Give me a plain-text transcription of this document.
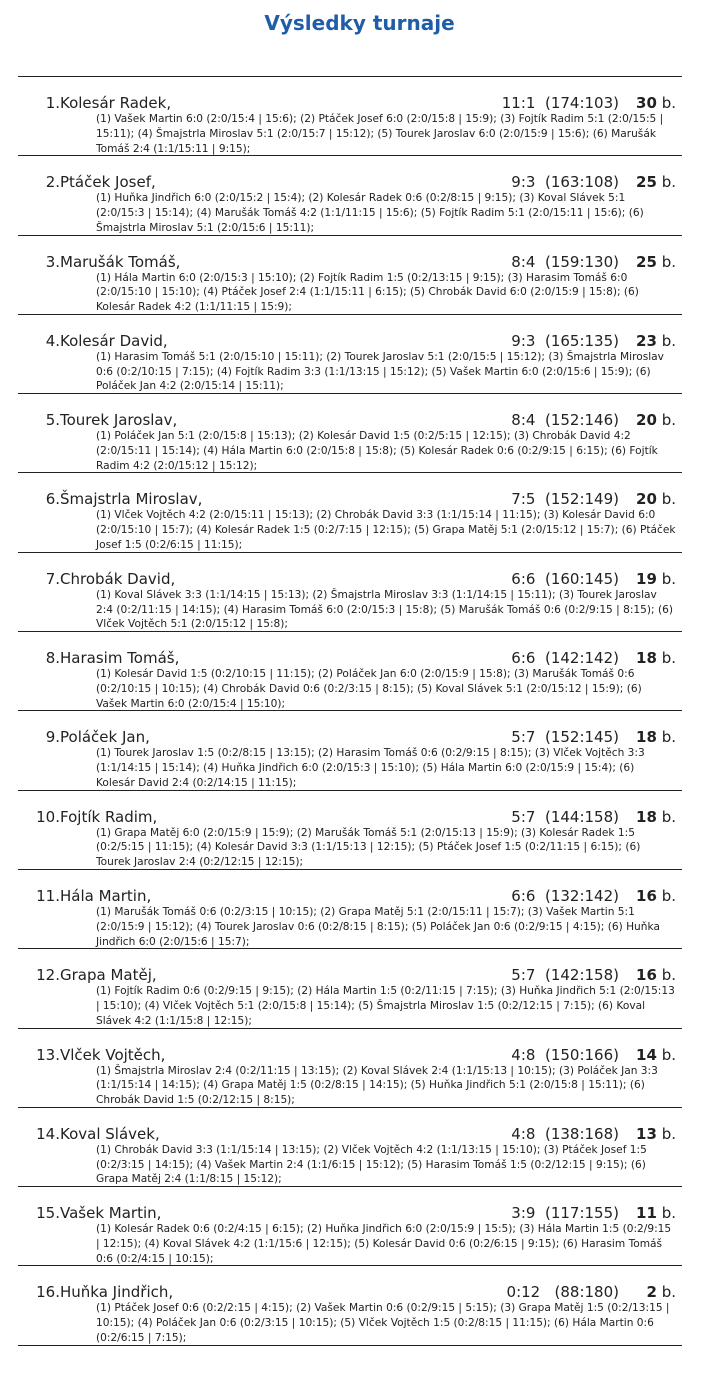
Výsledky turnaje
1. Kolesár Radek,	11:1  (174:103) 30 b.
(1) Vašek Martin 6:0 (2:0/15:4 | 15:6); (2) Ptáček Josef 6:0 (2:0/15:8 | 15:9); (3) Fojtík Radim 5:1 (2:0/15:5 | 15:11); (4) Šmajstrla Miroslav 5:1 (2:0/15:7 | 15:12); (5) Tourek Jaroslav 6:0 (2:0/15:9 | 15:6); (6) Marušák Tomáš 2:4 (1:1/15:11 | 9:15);
2. Ptáček Josef,	9:3  (163:108) 25 b.
(1) Huňka Jindřich 6:0 (2:0/15:2 | 15:4); (2) Kolesár Radek 0:6 (0:2/8:15 | 9:15); (3) Koval Slávek 5:1 (2:0/15:3 | 15:14); (4) Marušák Tomáš 4:2 (1:1/11:15 | 15:6); (5) Fojtík Radim 5:1 (2:0/15:11 | 15:6); (6) Šmajstrla Miroslav 5:1 (2:0/15:6 | 15:11);
3. Marušák Tomáš,	8:4  (159:130) 25 b.
(1) Hála Martin 6:0 (2:0/15:3 | 15:10); (2) Fojtík Radim 1:5 (0:2/13:15 | 9:15); (3) Harasim Tomáš 6:0 (2:0/15:10 | 15:10); (4) Ptáček Josef 2:4 (1:1/15:11 | 6:15); (5) Chrobák David 6:0 (2:0/15:9 | 15:8); (6) Kolesár Radek 4:2 (1:1/11:15 | 15:9);
4. Kolesár David,	9:3  (165:135) 23 b.
(1) Harasim Tomáš 5:1 (2:0/15:10 | 15:11); (2) Tourek Jaroslav 5:1 (2:0/15:5 | 15:12); (3) Šmajstrla Miroslav 0:6 (0:2/10:15 | 7:15); (4) Fojtík Radim 3:3 (1:1/13:15 | 15:12); (5) Vašek Martin 6:0 (2:0/15:6 | 15:9); (6) Poláček Jan 4:2 (2:0/15:14 | 15:11);
5. Tourek Jaroslav,	8:4  (152:146) 20 b.
(1) Poláček Jan 5:1 (2:0/15:8 | 15:13); (2) Kolesár David 1:5 (0:2/5:15 | 12:15); (3) Chrobák David 4:2 (2:0/15:11 | 15:14); (4) Hála Martin 6:0 (2:0/15:8 | 15:8); (5) Kolesár Radek 0:6 (0:2/9:15 | 6:15); (6) Fojtík Radim 4:2 (2:0/15:12 | 15:12);
6. Šmajstrla Miroslav,	7:5  (152:149) 20 b.
(1) Vlček Vojtěch 4:2 (2:0/15:11 | 15:13); (2) Chrobák David 3:3 (1:1/15:14 | 11:15); (3) Kolesár David 6:0 (2:0/15:10 | 15:7); (4) Kolesár Radek 1:5 (0:2/7:15 | 12:15); (5) Grapa Matěj 5:1 (2:0/15:12 | 15:7); (6) Ptáček Josef 1:5 (0:2/6:15 | 11:15);
7. Chrobák David,	6:6  (160:145) 19 b.
(1) Koval Slávek 3:3 (1:1/14:15 | 15:13); (2) Šmajstrla Miroslav 3:3 (1:1/14:15 | 15:11); (3) Tourek Jaroslav 2:4 (0:2/11:15 | 14:15); (4) Harasim Tomáš 6:0 (2:0/15:3 | 15:8); (5) Marušák Tomáš 0:6 (0:2/9:15 | 8:15); (6) Vlček Vojtěch 5:1 (2:0/15:12 | 15:8);
8. Harasim Tomáš,	6:6  (142:142) 18 b.
(1) Kolesár David 1:5 (0:2/10:15 | 11:15); (2) Poláček Jan 6:0 (2:0/15:9 | 15:8); (3) Marušák Tomáš 0:6 (0:2/10:15 | 10:15); (4) Chrobák David 0:6 (0:2/3:15 | 8:15); (5) Koval Slávek 5:1 (2:0/15:12 | 15:9); (6) Vašek Martin 6:0 (2:0/15:4 | 15:10);
9. Poláček Jan,	5:7  (152:145) 18 b.
(1) Tourek Jaroslav 1:5 (0:2/8:15 | 13:15); (2) Harasim Tomáš 0:6 (0:2/9:15 | 8:15); (3) Vlček Vojtěch 3:3 (1:1/14:15 | 15:14); (4) Huňka Jindřich 6:0 (2:0/15:3 | 15:10); (5) Hála Martin 6:0 (2:0/15:9 | 15:4); (6) Kolesár David 2:4 (0:2/14:15 | 11:15);
10. Fojtík Radim,	5:7  (144:158) 18 b.
(1) Grapa Matěj 6:0 (2:0/15:9 | 15:9); (2) Marušák Tomáš 5:1 (2:0/15:13 | 15:9); (3) Kolesár Radek 1:5 (0:2/5:15 | 11:15); (4) Kolesár David 3:3 (1:1/15:13 | 12:15); (5) Ptáček Josef 1:5 (0:2/11:15 | 6:15); (6) Tourek Jaroslav 2:4 (0:2/12:15 | 12:15);
11. Hála Martin,	6:6  (132:142) 16 b.
(1) Marušák Tomáš 0:6 (0:2/3:15 | 10:15); (2) Grapa Matěj 5:1 (2:0/15:11 | 15:7); (3) Vašek Martin 5:1 (2:0/15:9 | 15:12); (4) Tourek Jaroslav 0:6 (0:2/8:15 | 8:15); (5) Poláček Jan 0:6 (0:2/9:15 | 4:15); (6) Huňka Jindřich 6:0 (2:0/15:6 | 15:7);
12. Grapa Matěj,	5:7  (142:158) 16 b.
(1) Fojtík Radim 0:6 (0:2/9:15 | 9:15); (2) Hála Martin 1:5 (0:2/11:15 | 7:15); (3) Huňka Jindřich 5:1 (2:0/15:13 | 15:10); (4) Vlček Vojtěch 5:1 (2:0/15:8 | 15:14); (5) Šmajstrla Miroslav 1:5 (0:2/12:15 | 7:15); (6) Koval Slávek 4:2 (1:1/15:8 | 12:15);
13. Vlček Vojtěch,	4:8  (150:166) 14 b.
(1) Šmajstrla Miroslav 2:4 (0:2/11:15 | 13:15); (2) Koval Slávek 2:4 (1:1/15:13 | 10:15); (3) Poláček Jan 3:3 (1:1/15:14 | 14:15); (4) Grapa Matěj 1:5 (0:2/8:15 | 14:15); (5) Huňka Jindřich 5:1 (2:0/15:8 | 15:11); (6) Chrobák David 1:5 (0:2/12:15 | 8:15);
14. Koval Slávek,	4:8  (138:168) 13 b.
(1) Chrobák David 3:3 (1:1/15:14 | 13:15); (2) Vlček Vojtěch 4:2 (1:1/13:15 | 15:10); (3) Ptáček Josef 1:5 (0:2/3:15 | 14:15); (4) Vašek Martin 2:4 (1:1/6:15 | 15:12); (5) Harasim Tomáš 1:5 (0:2/12:15 | 9:15); (6) Grapa Matěj 2:4 (1:1/8:15 | 15:12);
15. Vašek Martin,	3:9  (117:155) 11 b.
(1) Kolesár Radek 0:6 (0:2/4:15 | 6:15); (2) Huňka Jindřich 6:0 (2:0/15:9 | 15:5); (3) Hála Martin 1:5 (0:2/9:15 | 12:15); (4) Koval Slávek 4:2 (1:1/15:6 | 12:15); (5) Kolesár David 0:6 (0:2/6:15 | 9:15); (6) Harasim Tomáš 0:6 (0:2/4:15 | 10:15);
16. Huňka Jindřich,	0:12   (88:180) 2 b.
(1) Ptáček Josef 0:6 (0:2/2:15 | 4:15); (2) Vašek Martin 0:6 (0:2/9:15 | 5:15); (3) Grapa Matěj 1:5 (0:2/13:15 | 10:15); (4) Poláček Jan 0:6 (0:2/3:15 | 10:15); (5) Vlček Vojtěch 1:5 (0:2/8:15 | 11:15); (6) Hála Martin 0:6 (0:2/6:15 | 7:15);
